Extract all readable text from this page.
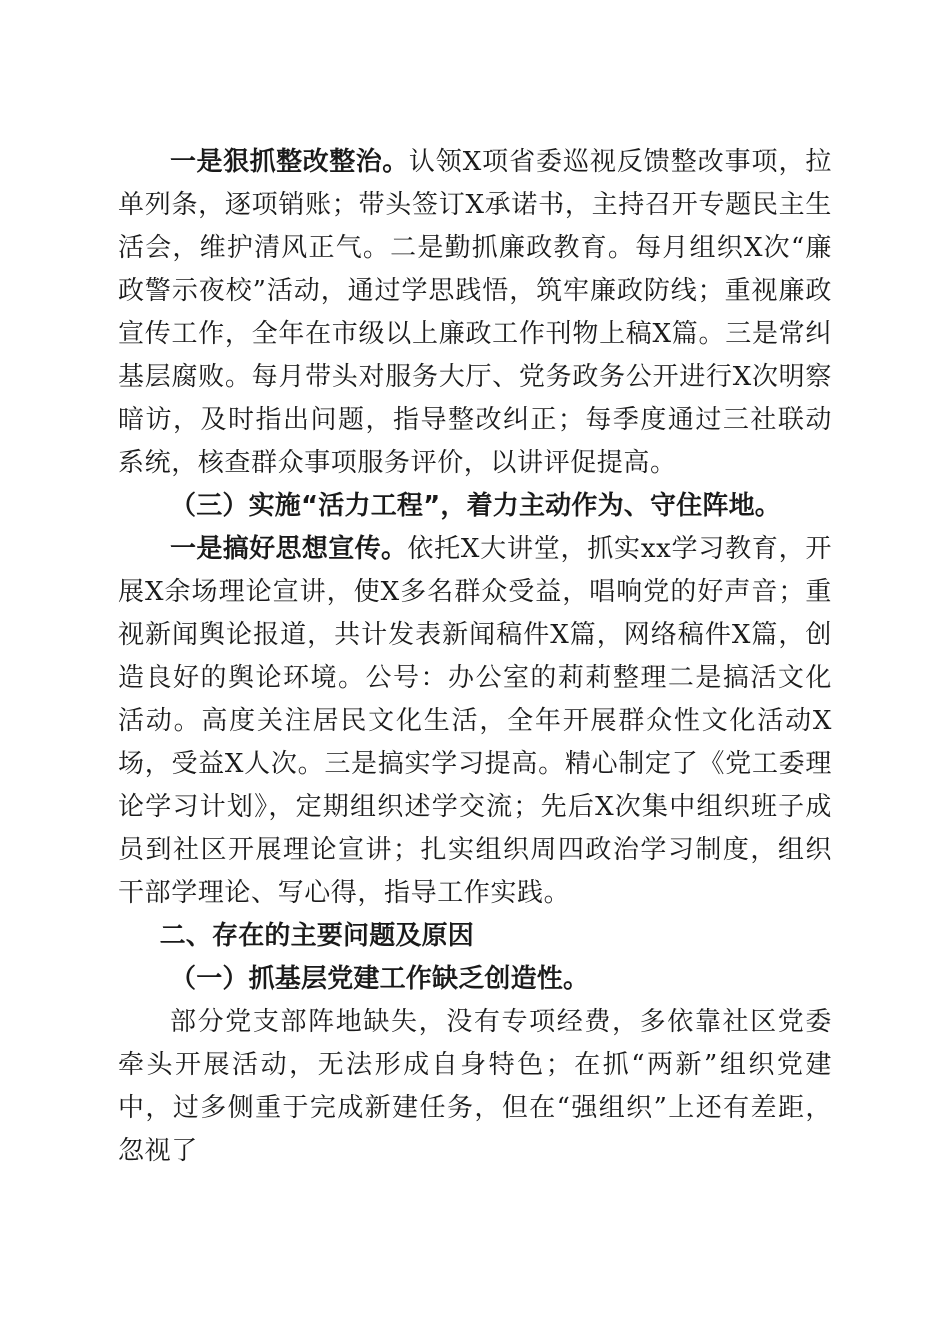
一是狠抓整改整治。认领X项省委巡视反馈整改事项，拉单列条，逐项销账；带头签订X承诺书，主持召开专题民主生活会，维护清风正气。二是勤抓廉政教育。每月组织X次“廉政警示夜校”活动，通过学思践悟，筑牢廉政防线；重视廉政宣传工作，全年在市级以上廉政工作刊物上稿X篇。三是常纠基层腐败。每月带头对服务大厅、党务政务公开进行X次明察暗访，及时指出问题，指导整改纠正；每季度通过三社联动系统，核查群众事项服务评价，以讲评促提高。

（三）实施“活力工程”，着力主动作为、守住阵地。

一是搞好思想宣传。依托X大讲堂，抓实xx学习教育，开展X余场理论宣讲，使X多名群众受益，唱响党的好声音；重视新闻舆论报道，共计发表新闻稿件X篇，网络稿件X篇，创造良好的舆论环境。公号：办公室的莉莉整理二是搞活文化活动。高度关注居民文化生活，全年开展群众性文化活动X场，受益X人次。三是搞实学习提高。精心制定了《党工委理论学习计划》，定期组织述学交流；先后X次集中组织班子成员到社区开展理论宣讲；扎实组织周四政治学习制度，组织干部学理论、写心得，指导工作实践。

二、存在的主要问题及原因

（一）抓基层党建工作缺乏创造性。

部分党支部阵地缺失，没有专项经费，多依靠社区党委牵头开展活动，无法形成自身特色；在抓“两新”组织党建中，过多侧重于完成新建任务，但在“强组织”上还有差距，忽视了
